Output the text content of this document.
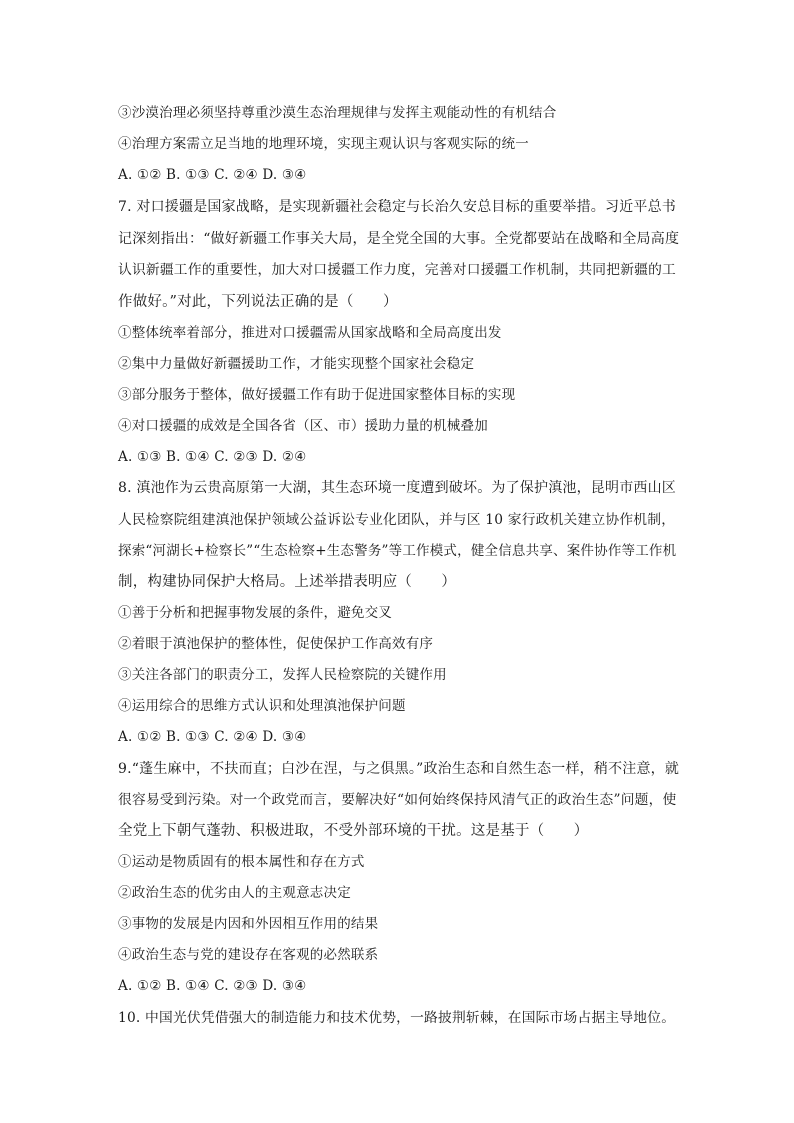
③沙漠治理必须坚持尊重沙漠生态治理规律与发挥主观能动性的有机结合
④治理方案需立足当地的地理环境，实现主观认识与客观实际的统一
A. ①② B. ①③ C. ②④ D. ③④
7. 对口援疆是国家战略，是实现新疆社会稳定与长治久安总目标的重要举措。习近平总书
记深刻指出：“做好新疆工作事关大局，是全党全国的大事。全党都要站在战略和全局高度
认识新疆工作的重要性，加大对口援疆工作力度，完善对口援疆工作机制，共同把新疆的工
作做好。”对此，下列说法正确的是（　　）
①整体统率着部分，推进对口援疆需从国家战略和全局高度出发
②集中力量做好新疆援助工作，才能实现整个国家社会稳定
③部分服务于整体，做好援疆工作有助于促进国家整体目标的实现
④对口援疆的成效是全国各省（区、市）援助力量的机械叠加
A. ①③ B. ①④ C. ②③ D. ②④
8. 滇池作为云贵高原第一大湖，其生态环境一度遭到破坏。为了保护滇池，昆明市西山区
人民检察院组建滇池保护领域公益诉讼专业化团队，并与区 10 家行政机关建立协作机制，
探索“河湖长+检察长”“生态检察+生态警务”等工作模式，健全信息共享、案件协作等工作机
制，构建协同保护大格局。上述举措表明应（　　）
①善于分析和把握事物发展的条件，避免交叉
②着眼于滇池保护的整体性，促使保护工作高效有序
③关注各部门的职责分工，发挥人民检察院的关键作用
④运用综合的思维方式认识和处理滇池保护问题
A. ①② B. ①③ C. ②④ D. ③④
9.“蓬生麻中，不扶而直；白沙在涅，与之俱黑。”政治生态和自然生态一样，稍不注意，就
很容易受到污染。对一个政党而言，要解决好“如何始终保持风清气正的政治生态”问题，使
全党上下朝气蓬勃、积极进取，不受外部环境的干扰。这是基于（　　）
①运动是物质固有的根本属性和存在方式
②政治生态的优劣由人的主观意志决定
③事物的发展是内因和外因相互作用的结果
④政治生态与党的建设存在客观的必然联系
A. ①② B. ①④ C. ②③ D. ③④
10. 中国光伏凭借强大的制造能力和技术优势，一路披荆斩棘，在国际市场占据主导地位。
